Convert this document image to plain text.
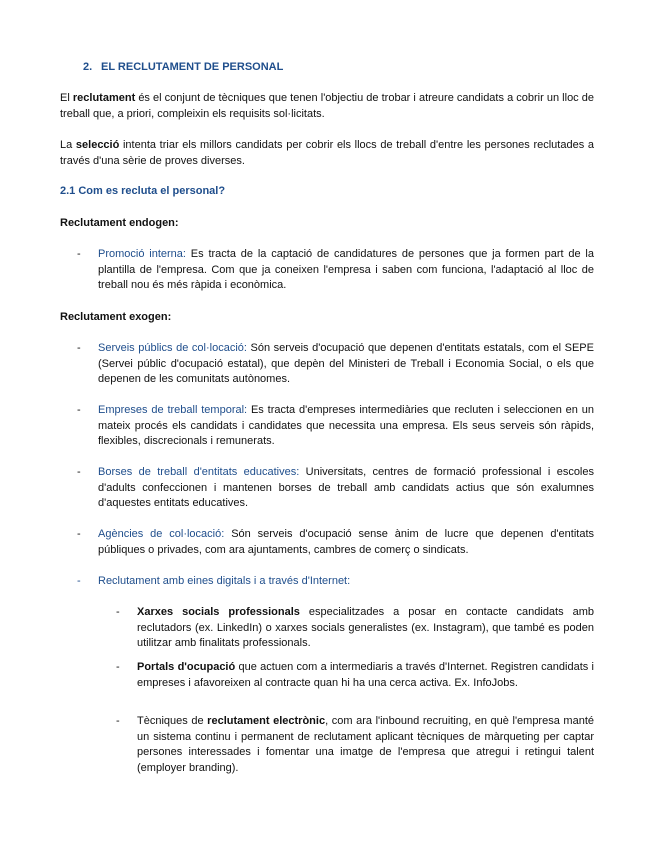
2. EL RECLUTAMENT DE PERSONAL
El reclutament és el conjunt de tècniques que tenen l'objectiu de trobar i atreure candidats a cobrir un lloc de treball que, a priori, compleixin els requisits sol·licitats.
La selecció intenta triar els millors candidats per cobrir els llocs de treball d'entre les persones reclutades a través d'una sèrie de proves diverses.
2.1 Com es recluta el personal?
Reclutament endogen:
- Promoció interna: Es tracta de la captació de candidatures de persones que ja formen part de la plantilla de l'empresa. Com que ja coneixen l'empresa i saben com funciona, l'adaptació al lloc de treball nou és més ràpida i econòmica.
Reclutament exogen:
- Serveis públics de col·locació: Són serveis d'ocupació que depenen d'entitats estatals, com el SEPE (Servei públic d'ocupació estatal), que depèn del Ministeri de Treball i Economia Social, o els que depenen de les comunitats autònomes.
- Empreses de treball temporal: Es tracta d'empreses intermediàries que recluten i seleccionen en un mateix procés els candidats i candidates que necessita una empresa. Els seus serveis són ràpids, flexibles, discrecionals i remunerats.
- Borses de treball d'entitats educatives: Universitats, centres de formació professional i escoles d'adults confeccionen i mantenen borses de treball amb candidats actius que són exalumnes d'aquestes entitats educatives.
- Agències de col·locació: Són serveis d'ocupació sense ànim de lucre que depenen d'entitats públiques o privades, com ara ajuntaments, cambres de comerç o sindicats.
- Reclutament amb eines digitals i a través d'Internet:
- Xarxes socials professionals especialitzades a posar en contacte candidats amb reclutadors (ex. LinkedIn) o xarxes socials generalistes (ex. Instagram), que també es poden utilitzar amb finalitats professionals.
- Portals d'ocupació que actuen com a intermediaris a través d'Internet. Registren candidats i empreses i afavoreixen al contracte quan hi ha una cerca activa. Ex. InfoJobs.
- Tècniques de reclutament electrònic, com ara l'inbound recruiting, en què l'empresa manté un sistema continu i permanent de reclutament aplicant tècniques de màrqueting per captar persones interessades i fomentar una imatge de l'empresa que atregui i retingui talent (employer branding).
